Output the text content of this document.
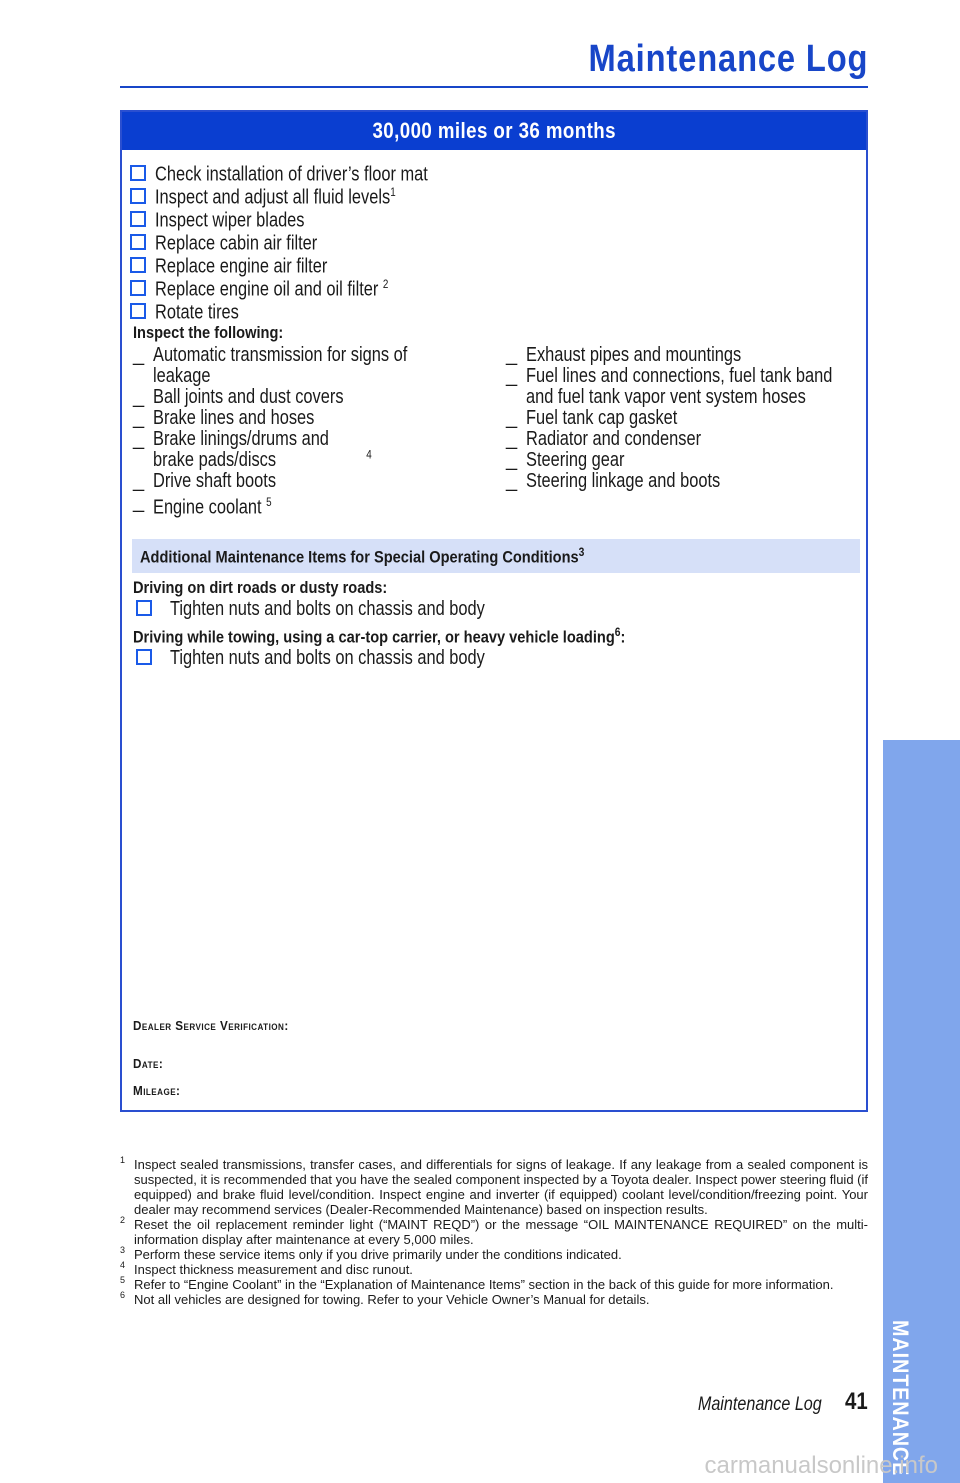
Maintenance Log
30,000 miles or 36 months
Check installation of driver’s floor mat
Inspect and adjust all fluid levels$^1$
Inspect wiper blades
Replace cabin air filter
Replace engine air filter
Replace engine oil and oil filter $^2$
Rotate tires
Inspect the following:
_ Automatic transmission for signs of leakage
_ Ball joints and dust covers
_ Brake lines and hoses
_ Brake linings/drums and brake pads/discs	$^4$
_ Drive shaft boots
_ Engine coolant $^5$
_ Exhaust pipes and mountings
_ Fuel lines and connections, fuel tank band and fuel tank vapor vent system hoses
_ Fuel tank cap gasket
_ Radiator and condenser
_ Steering gear
_ Steering linkage and boots
Additional Maintenance Items for Special Operating Conditions$^3$
Driving on dirt roads or dusty roads:
Tighten nuts and bolts on chassis and body
Driving while towing, using a car-top carrier, or heavy vehicle loading$^6$:
Tighten nuts and bolts on chassis and body
Dealer Service Verification:
Date:
Mileage:
1 Inspect sealed transmissions, transfer cases, and differentials for signs of leakage. If any leakage from a sealed component is suspected, it is recommended that you have the sealed component inspected by a Toyota dealer. Inspect power steering fluid (if equipped) and brake fluid level/condition. Inspect engine and inverter (if equipped) coolant level/condition/freezing point. Your dealer may recommend services (Dealer-Recommended Maintenance) based on inspection results.
2 Reset the oil replacement reminder light (“MAINT REQD”) or the message “OIL MAINTENANCE REQUIRED” on the multi-information display after maintenance at every 5,000 miles.
3 Perform these service items only if you drive primarily under the conditions indicated.
4 Inspect thickness measurement and disc runout.
5 Refer to “Engine Coolant” in the “Explanation of Maintenance Items” section in the back of this guide for more information.
6 Not all vehicles are designed for towing. Refer to your Vehicle Owner’s Manual for details.
Maintenance Log 41 MAINTENANCE
carmanualsonline.info
